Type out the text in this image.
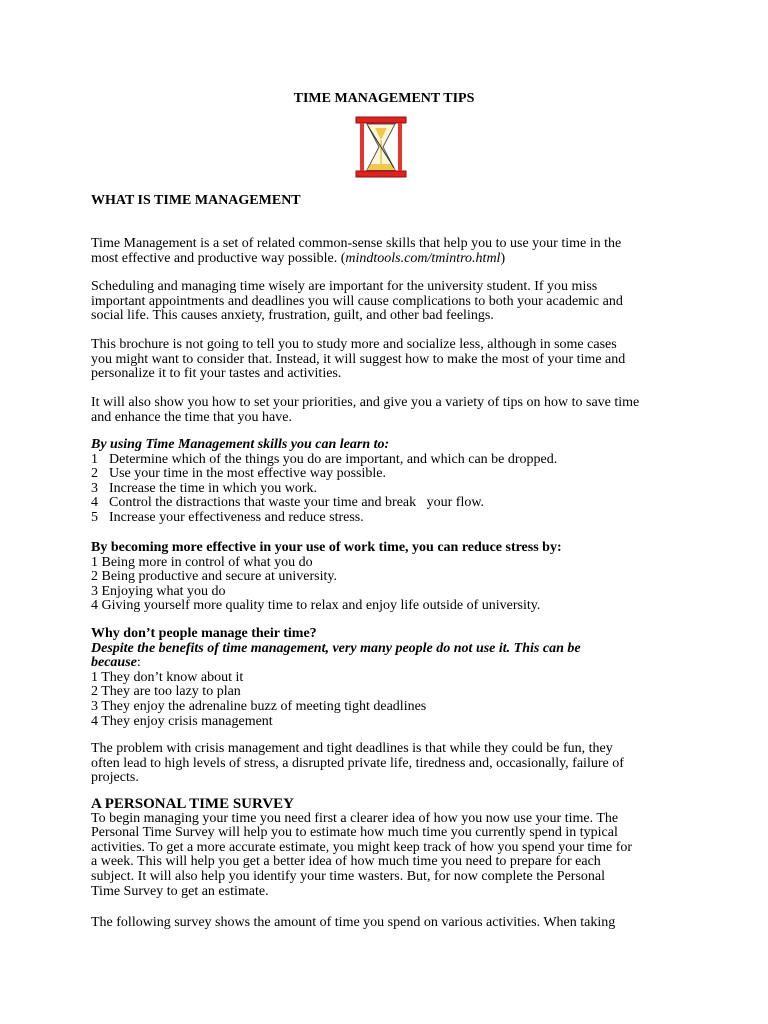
TIME MANAGEMENT TIPS
WHAT IS TIME MANAGEMENT
Time Management is a set of related common-sense skills that help you to use your time in the
most effective and productive way possible. (mindtools.com/tmintro.html)
Scheduling and managing time wisely are important for the university student. If you miss
important appointments and deadlines you will cause complications to both your academic and
social life. This causes anxiety, frustration, guilt, and other bad feelings.
This brochure is not going to tell you to study more and socialize less, although in some cases
you might want to consider that. Instead, it will suggest how to make the most of your time and
personalize it to fit your tastes and activities.
It will also show you how to set your priorities, and give you a variety of tips on how to save time
and enhance the time that you have.
By using Time Management skills you can learn to:
1 Determine which of the things you do are important, and which can be dropped.
2 Use your time in the most effective way possible.
3 Increase the time in which you work.
4 Control the distractions that waste your time and break   your flow.
5 Increase your effectiveness and reduce stress.
By becoming more effective in your use of work time, you can reduce stress by:
1 Being more in control of what you do
2 Being productive and secure at university.
3 Enjoying what you do
4 Giving yourself more quality time to relax and enjoy life outside of university.
Why don’t people manage their time?
Despite the benefits of time management, very many people do not use it. This can be
because:
1 They don’t know about it
2 They are too lazy to plan
3 They enjoy the adrenaline buzz of meeting tight deadlines
4 They enjoy crisis management
The problem with crisis management and tight deadlines is that while they could be fun, they
often lead to high levels of stress, a disrupted private life, tiredness and, occasionally, failure of
projects.
A PERSONAL TIME SURVEY
To begin managing your time you need first a clearer idea of how you now use your time. The
Personal Time Survey will help you to estimate how much time you currently spend in typical
activities. To get a more accurate estimate, you might keep track of how you spend your time for
a week. This will help you get a better idea of how much time you need to prepare for each
subject. It will also help you identify your time wasters. But, for now complete the Personal
Time Survey to get an estimate.
The following survey shows the amount of time you spend on various activities. When taking
